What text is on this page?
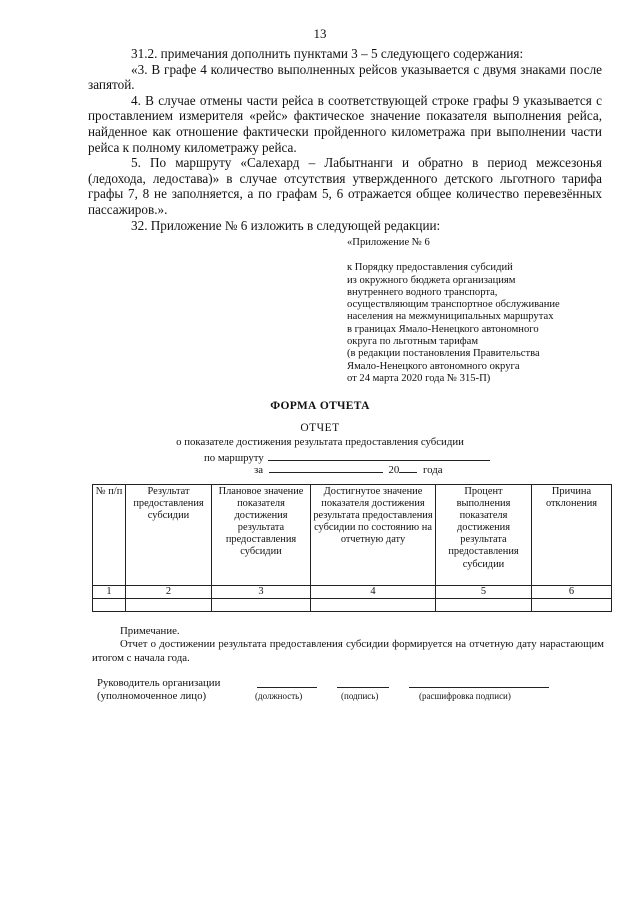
13

31.2. примечания дополнить пунктами 3 – 5 следующего содержания:

«3. В графе 4 количество выполненных рейсов указывается с двумя знаками после запятой.

4. В случае отмены части рейса в соответствующей строке графы 9 указывается с проставлением измерителя «рейс» фактическое значение показателя выполнения рейса, найденное как отношение фактически пройденного километража при выполнении части рейса к полному километражу рейса.

5. По маршруту «Салехард – Лабытнанги и обратно в период межсезонья (ледохода, ледостава)» в случае отсутствия утвержденного детского льготного тарифа графы 7, 8 не заполняется, а по графам 5, 6 отражается общее количество перевезённых пассажиров.».

32. Приложение № 6 изложить в следующей редакции:

«Приложение № 6
к Порядку предоставления субсидий
из окружного бюджета организациям
внутреннего водного транспорта,
осуществляющим транспортное обслуживание
населения на межмуниципальных маршрутах
в границах Ямало-Ненецкого автономного
округа по льготным тарифам
(в редакции постановления Правительства
Ямало-Ненецкого автономного округа
от 24 марта 2020 года № 315-П)
ФОРМА ОТЧЕТА
ОТЧЕТ
о показателе достижения результата предоставления субсидии
по маршруту
за	20 года
№ п/п	Результат предоставления субсидии	Плановое значение показателя достижения результата предоставления субсидии	Достигнутое значение показателя достижения результата предоставления субсидии по состоянию на отчетную дату	Процент выполнения показателя достижения результата предоставления субсидии	Причина отклонения
1	2	3	4	5	6

Примечание.

Отчет о достижении результата предоставления субсидии формируется на отчетную дату нарастающим итогом с начала года.

Руководитель организации
(уполномоченное лицо)	(должность)	(подпись)	(расшифровка подписи)
